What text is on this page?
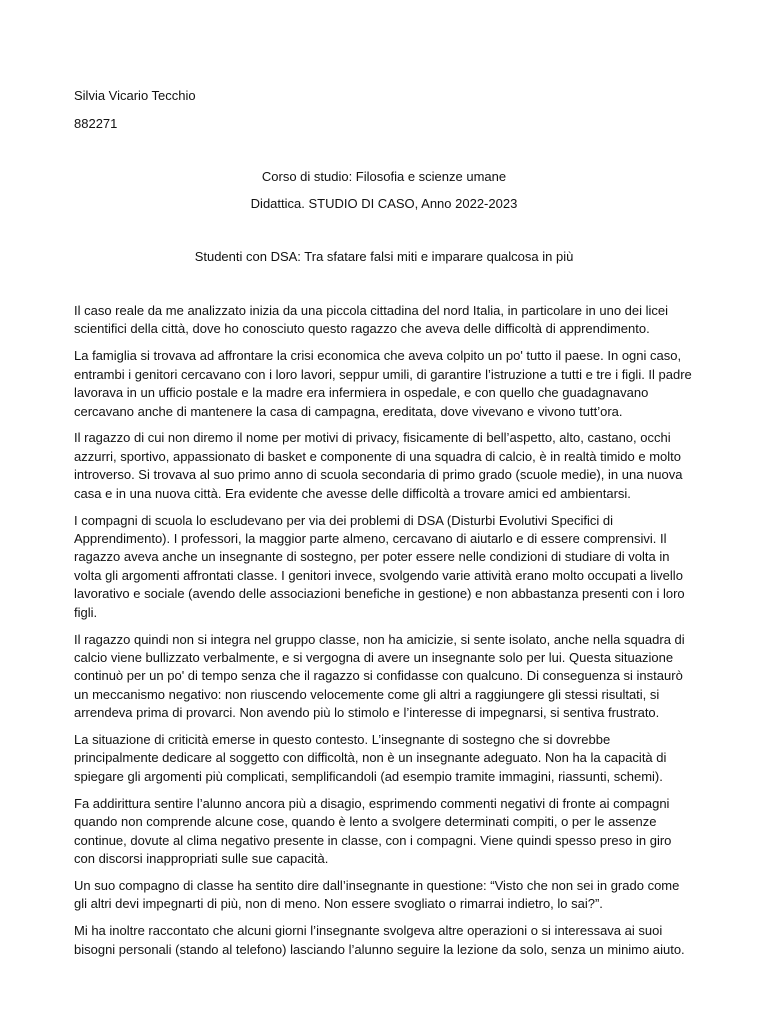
Silvia Vicario Tecchio
882271
Corso di studio: Filosofia e scienze umane
Didattica. STUDIO DI CASO, Anno 2022-2023
Studenti con DSA: Tra sfatare falsi miti e imparare qualcosa in più

Il caso reale da me analizzato inizia da una piccola cittadina del nord Italia, in particolare in uno dei licei scientifici della città, dove ho conosciuto questo ragazzo che aveva delle difficoltà di apprendimento.

La famiglia si trovava ad affrontare la crisi economica che aveva colpito un po' tutto il paese. In ogni caso, entrambi i genitori cercavano con i loro lavori, seppur umili, di garantire l’istruzione a tutti e tre i figli. Il padre lavorava in un ufficio postale e la madre era infermiera in ospedale, e con quello che guadagnavano cercavano anche di mantenere la casa di campagna, ereditata, dove vivevano e vivono tutt’ora.

Il ragazzo di cui non diremo il nome per motivi di privacy, fisicamente di bell’aspetto, alto, castano, occhi azzurri, sportivo, appassionato di basket e componente di una squadra di calcio, è in realtà timido e molto introverso. Si trovava al suo primo anno di scuola secondaria di primo grado (scuole medie), in una nuova casa e in una nuova città. Era evidente che avesse delle difficoltà a trovare amici ed ambientarsi.

I compagni di scuola lo escludevano per via dei problemi di DSA (Disturbi Evolutivi Specifici di Apprendimento). I professori, la maggior parte almeno, cercavano di aiutarlo e di essere comprensivi. Il ragazzo aveva anche un insegnante di sostegno, per poter essere nelle condizioni di studiare di volta in volta gli argomenti affrontati classe. I genitori invece, svolgendo varie attività erano molto occupati a livello lavorativo e sociale (avendo delle associazioni benefiche in gestione) e non abbastanza presenti con i loro figli.

Il ragazzo quindi non si integra nel gruppo classe, non ha amicizie, si sente isolato, anche nella squadra di calcio viene bullizzato verbalmente, e si vergogna di avere un insegnante solo per lui. Questa situazione continuò per un po' di tempo senza che il ragazzo si confidasse con qualcuno. Di conseguenza si instaurò un meccanismo negativo: non riuscendo velocemente come gli altri a raggiungere gli stessi risultati, si arrendeva prima di provarci. Non avendo più lo stimolo e l’interesse di impegnarsi, si sentiva frustrato.

La situazione di criticità emerse in questo contesto. L’insegnante di sostegno che si dovrebbe principalmente dedicare al soggetto con difficoltà, non è un insegnante adeguato. Non ha la capacità di spiegare gli argomenti più complicati, semplificandoli (ad esempio tramite immagini, riassunti, schemi).

Fa addirittura sentire l’alunno ancora più a disagio, esprimendo commenti negativi di fronte ai compagni quando non comprende alcune cose, quando è lento a svolgere determinati compiti, o per le assenze continue, dovute al clima negativo presente in classe, con i compagni. Viene quindi spesso preso in giro con discorsi inappropriati sulle sue capacità.

Un suo compagno di classe ha sentito dire dall’insegnante in questione: “Visto che non sei in grado come gli altri devi impegnarti di più, non di meno. Non essere svogliato o rimarrai indietro, lo sai?”.

Mi ha inoltre raccontato che alcuni giorni l’insegnante svolgeva altre operazioni o si interessava ai suoi bisogni personali (stando al telefono) lasciando l’alunno seguire la lezione da solo, senza un minimo aiuto.
